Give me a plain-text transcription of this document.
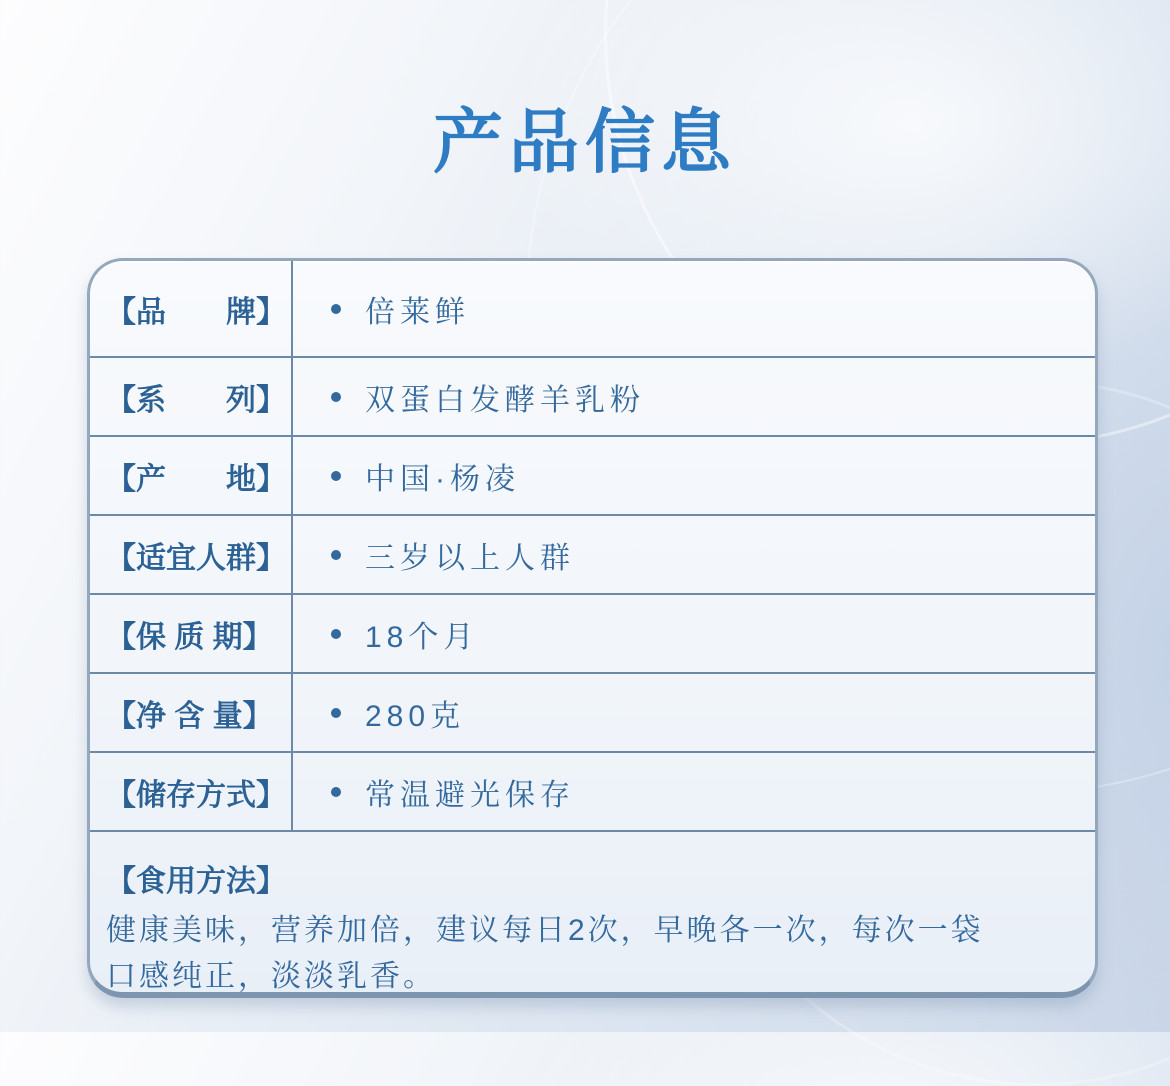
产品信息
【品　　牌】	倍莱鲜
【系　　列】	双蛋白发酵羊乳粉
【产　　地】	中国·杨凌
【适宜人群】	三岁以上人群
【保 质 期】	18个月
【净 含 量】	280克
【储存方式】	常温避光保存
【食用方法】
健康美味，营养加倍，建议每日2次，早晚各一次，每次一袋
口感纯正，淡淡乳香。
